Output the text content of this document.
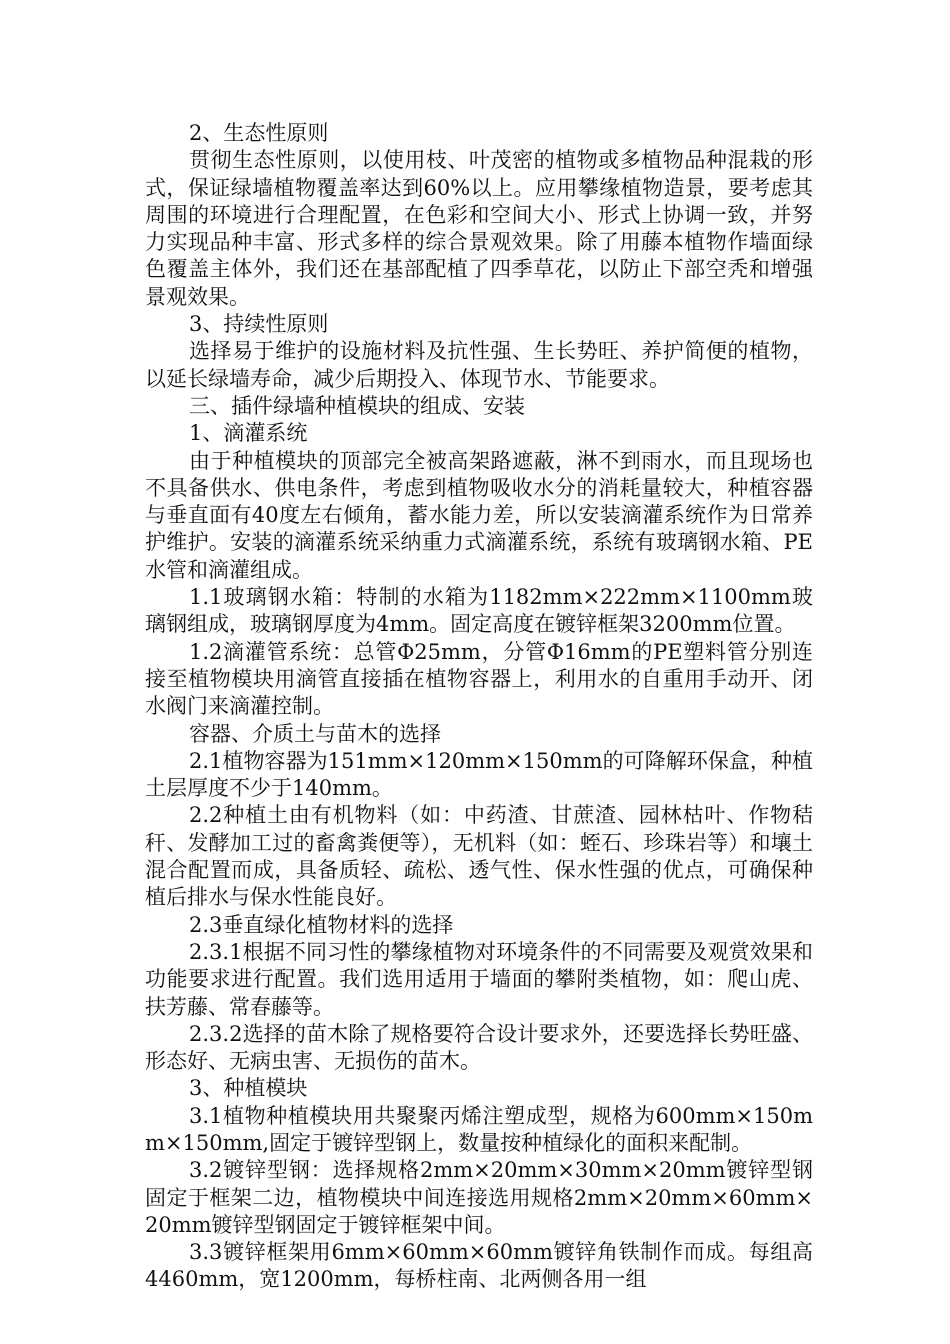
2、生态性原则

贯彻生态性原则，以使用枝、叶茂密的植物或多植物品种混栽的形式，保证绿墙植物覆盖率达到60%以上。应用攀缘植物造景，要考虑其周围的环境进行合理配置，在色彩和空间大小、形式上协调一致，并努力实现品种丰富、形式多样的综合景观效果。除了用藤本植物作墙面绿色覆盖主体外，我们还在基部配植了四季草花，以防止下部空秃和增强景观效果。

3、持续性原则

选择易于维护的设施材料及抗性强、生长势旺、养护简便的植物，以延长绿墙寿命，减少后期投入、体现节水、节能要求。

三、插件绿墙种植模块的组成、安装

1、滴灌系统

由于种植模块的顶部完全被高架路遮蔽，淋不到雨水，而且现场也不具备供水、供电条件，考虑到植物吸收水分的消耗量较大，种植容器与垂直面有40度左右倾角，蓄水能力差，所以安装滴灌系统作为日常养护维护。安装的滴灌系统采纳重力式滴灌系统，系统有玻璃钢水箱、PE水管和滴灌组成。

1.1玻璃钢水箱：特制的水箱为1182mm×222mm×1100mm玻璃钢组成，玻璃钢厚度为4mm。固定高度在镀锌框架3200mm位置。

1.2滴灌管系统：总管Φ25mm，分管Φ16mm的PE塑料管分别连接至植物模块用滴管直接插在植物容器上，利用水的自重用手动开、闭水阀门来滴灌控制。

容器、介质土与苗木的选择

2.1植物容器为151mm×120mm×150mm的可降解环保盒，种植土层厚度不少于140mm。

2.2种植土由有机物料（如：中药渣、甘蔗渣、园林枯叶、作物秸秆、发酵加工过的畜禽粪便等），无机料（如：蛭石、珍珠岩等）和壤土混合配置而成，具备质轻、疏松、透气性、保水性强的优点，可确保种植后排水与保水性能良好。

2.3垂直绿化植物材料的选择

2.3.1根据不同习性的攀缘植物对环境条件的不同需要及观赏效果和功能要求进行配置。我们选用适用于墙面的攀附类植物，如：爬山虎、扶芳藤、常春藤等。

2.3.2选择的苗木除了规格要符合设计要求外，还要选择长势旺盛、形态好、无病虫害、无损伤的苗木。

3、种植模块

3.1植物种植模块用共聚聚丙烯注塑成型，规格为600mm×150mm×150mm,固定于镀锌型钢上，数量按种植绿化的面积来配制。

3.2镀锌型钢：选择规格2mm×20mm×30mm×20mm镀锌型钢固定于框架二边，植物模块中间连接选用规格2mm×20mm×60mm×20mm镀锌型钢固定于镀锌框架中间。

3.3镀锌框架用6mm×60mm×60mm镀锌角铁制作而成。每组高4460mm，宽1200mm，每桥柱南、北两侧各用一组
